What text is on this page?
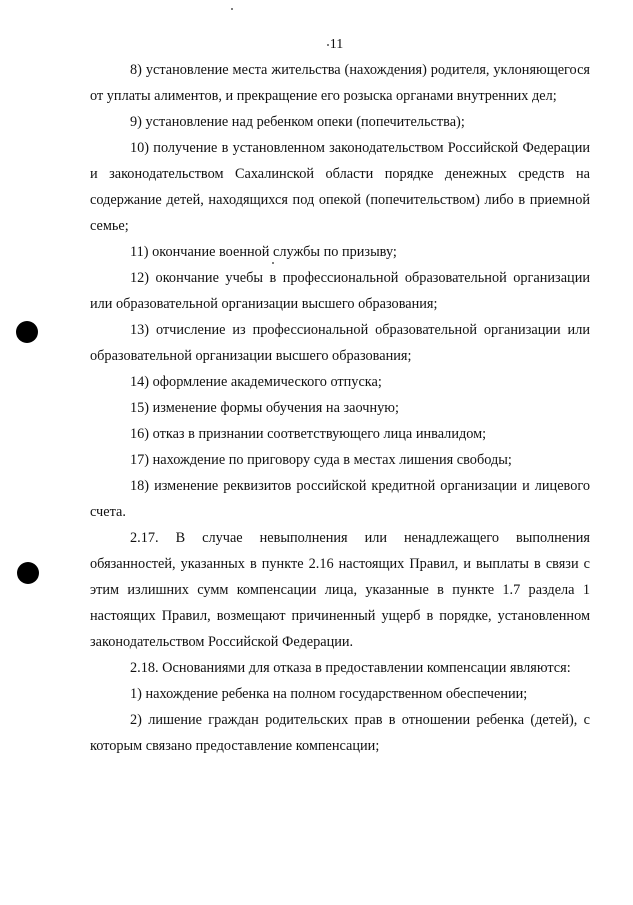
11

8) установление места жительства (нахождения) родителя, уклоняющегося от уплаты алиментов, и прекращение его розыска органами внутренних дел;

9) установление над ребенком опеки (попечительства);

10) получение в установленном законодательством Российской Федерации и законодательством Сахалинской области порядке денежных средств на содержание детей, находящихся под опекой (попечительством) либо в приемной семье;

11) окончание военной службы по призыву;

12) окончание учебы в профессиональной образовательной организации или образовательной организации высшего образования;

13) отчисление из профессиональной образовательной организации или образовательной организации высшего образования;

14) оформление академического отпуска;

15) изменение формы обучения на заочную;

16) отказ в признании соответствующего лица инвалидом;

17) нахождение по приговору суда в местах лишения свободы;

18) изменение реквизитов российской кредитной организации и лицевого счета.

2.17. В случае невыполнения или ненадлежащего выполнения обязанностей, указанных в пункте 2.16 настоящих Правил, и выплаты в связи с этим излишних сумм компенсации лица, указанные в пункте 1.7 раздела 1 настоящих Правил, возмещают причиненный ущерб в порядке, установленном законодательством Российской Федерации.

2.18. Основаниями для отказа в предоставлении компенсации являются:

1) нахождение ребенка на полном государственном обеспечении;

2) лишение граждан родительских прав в отношении ребенка (детей), с которым связано предоставление компенсации;
